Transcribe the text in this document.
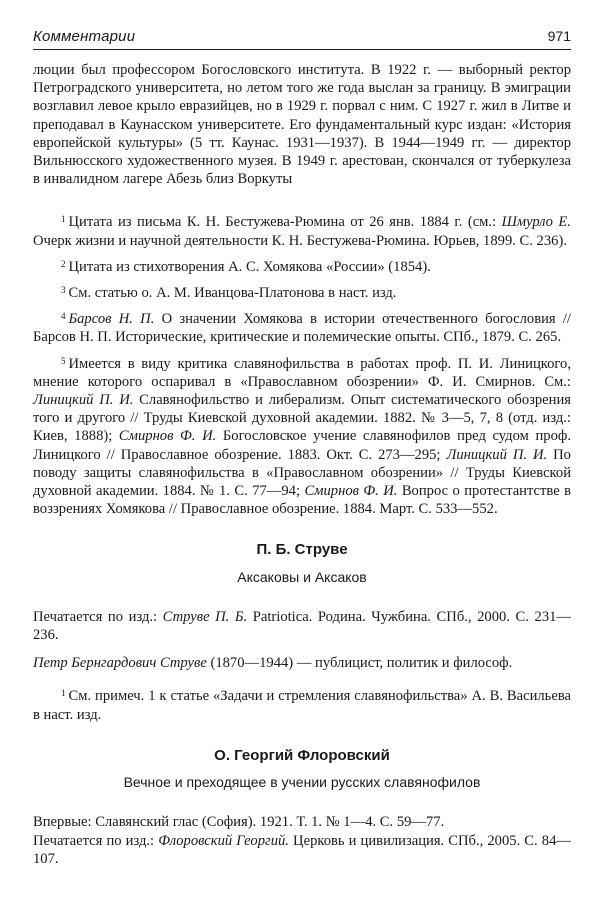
Комментарии	971

люции был профессором Богословского института. В 1922 г. — выборный ректор Петроградского университета, но летом того же года выслан за границу. В эмиграции возглавил левое крыло евразийцев, но в 1929 г. порвал с ним. С 1927 г. жил в Литве и преподавал в Каунасском университете. Его фундаментальный курс издан: «История европейской культуры» (5 тт. Каунас. 1931—1937). В 1944—1949 гг. — директор Вильнюсского художественного музея. В 1949 г. арестован, скончался от туберкулеза в инвалидном лагере Абезь близ Воркуты

$^1$ Цитата из письма К. Н. Бестужева-Рюмина от 26 янв. 1884 г. (см.: Шмурло Е. Очерк жизни и научной деятельности К. Н. Бестужева-Рюмина. Юрьев, 1899. С. 236).

$^2$ Цитата из стихотворения А. С. Хомякова «России» (1854).

$^3$ См. статью о. А. М. Иванцова-Платонова в наст. изд.

$^4$ Барсов Н. П. О значении Хомякова в истории отечественного богословия // Барсов Н. П. Исторические, критические и полемические опыты. СПб., 1879. С. 265.

$^5$ Имеется в виду критика славянофильства в работах проф. П. И. Линицкого, мнение которого оспаривал в «Православном обозрении» Ф. И. Смирнов. См.: Линицкий П. И. Славянофильство и либерализм. Опыт систематического обозрения того и другого // Труды Киевской духовной академии. 1882. № 3—5, 7, 8 (отд. изд.: Киев, 1888); Смирнов Ф. И. Богословское учение славянофилов пред судом проф. Линицкого // Православное обозрение. 1883. Окт. С. 273—295; Линицкий П. И. По поводу защиты славянофильства в «Православном обозрении» // Труды Киевской духовной академии. 1884. № 1. С. 77—94; Смирнов Ф. И. Вопрос о протестантстве в воззрениях Хомякова // Православное обозрение. 1884. Март. С. 533—552.

П. Б. Струве
Аксаковы и Аксаков

Печатается по изд.: Струве П. Б. Patriotica. Родина. Чужбина. СПб., 2000. С. 231—236.

Петр Бернгардович Струве (1870—1944) — публицист, политик и философ.

$^1$ См. примеч. 1 к статье «Задачи и стремления славянофильства» А. В. Васильева в наст. изд.

О. Георгий Флоровский
Вечное и преходящее в учении русских славянофилов

Впервые: Славянский глас (София). 1921. Т. 1. № 1—4. С. 59—77.

Печатается по изд.: Флоровский Георгий. Церковь и цивилизация. СПб., 2005. С. 84—107.
